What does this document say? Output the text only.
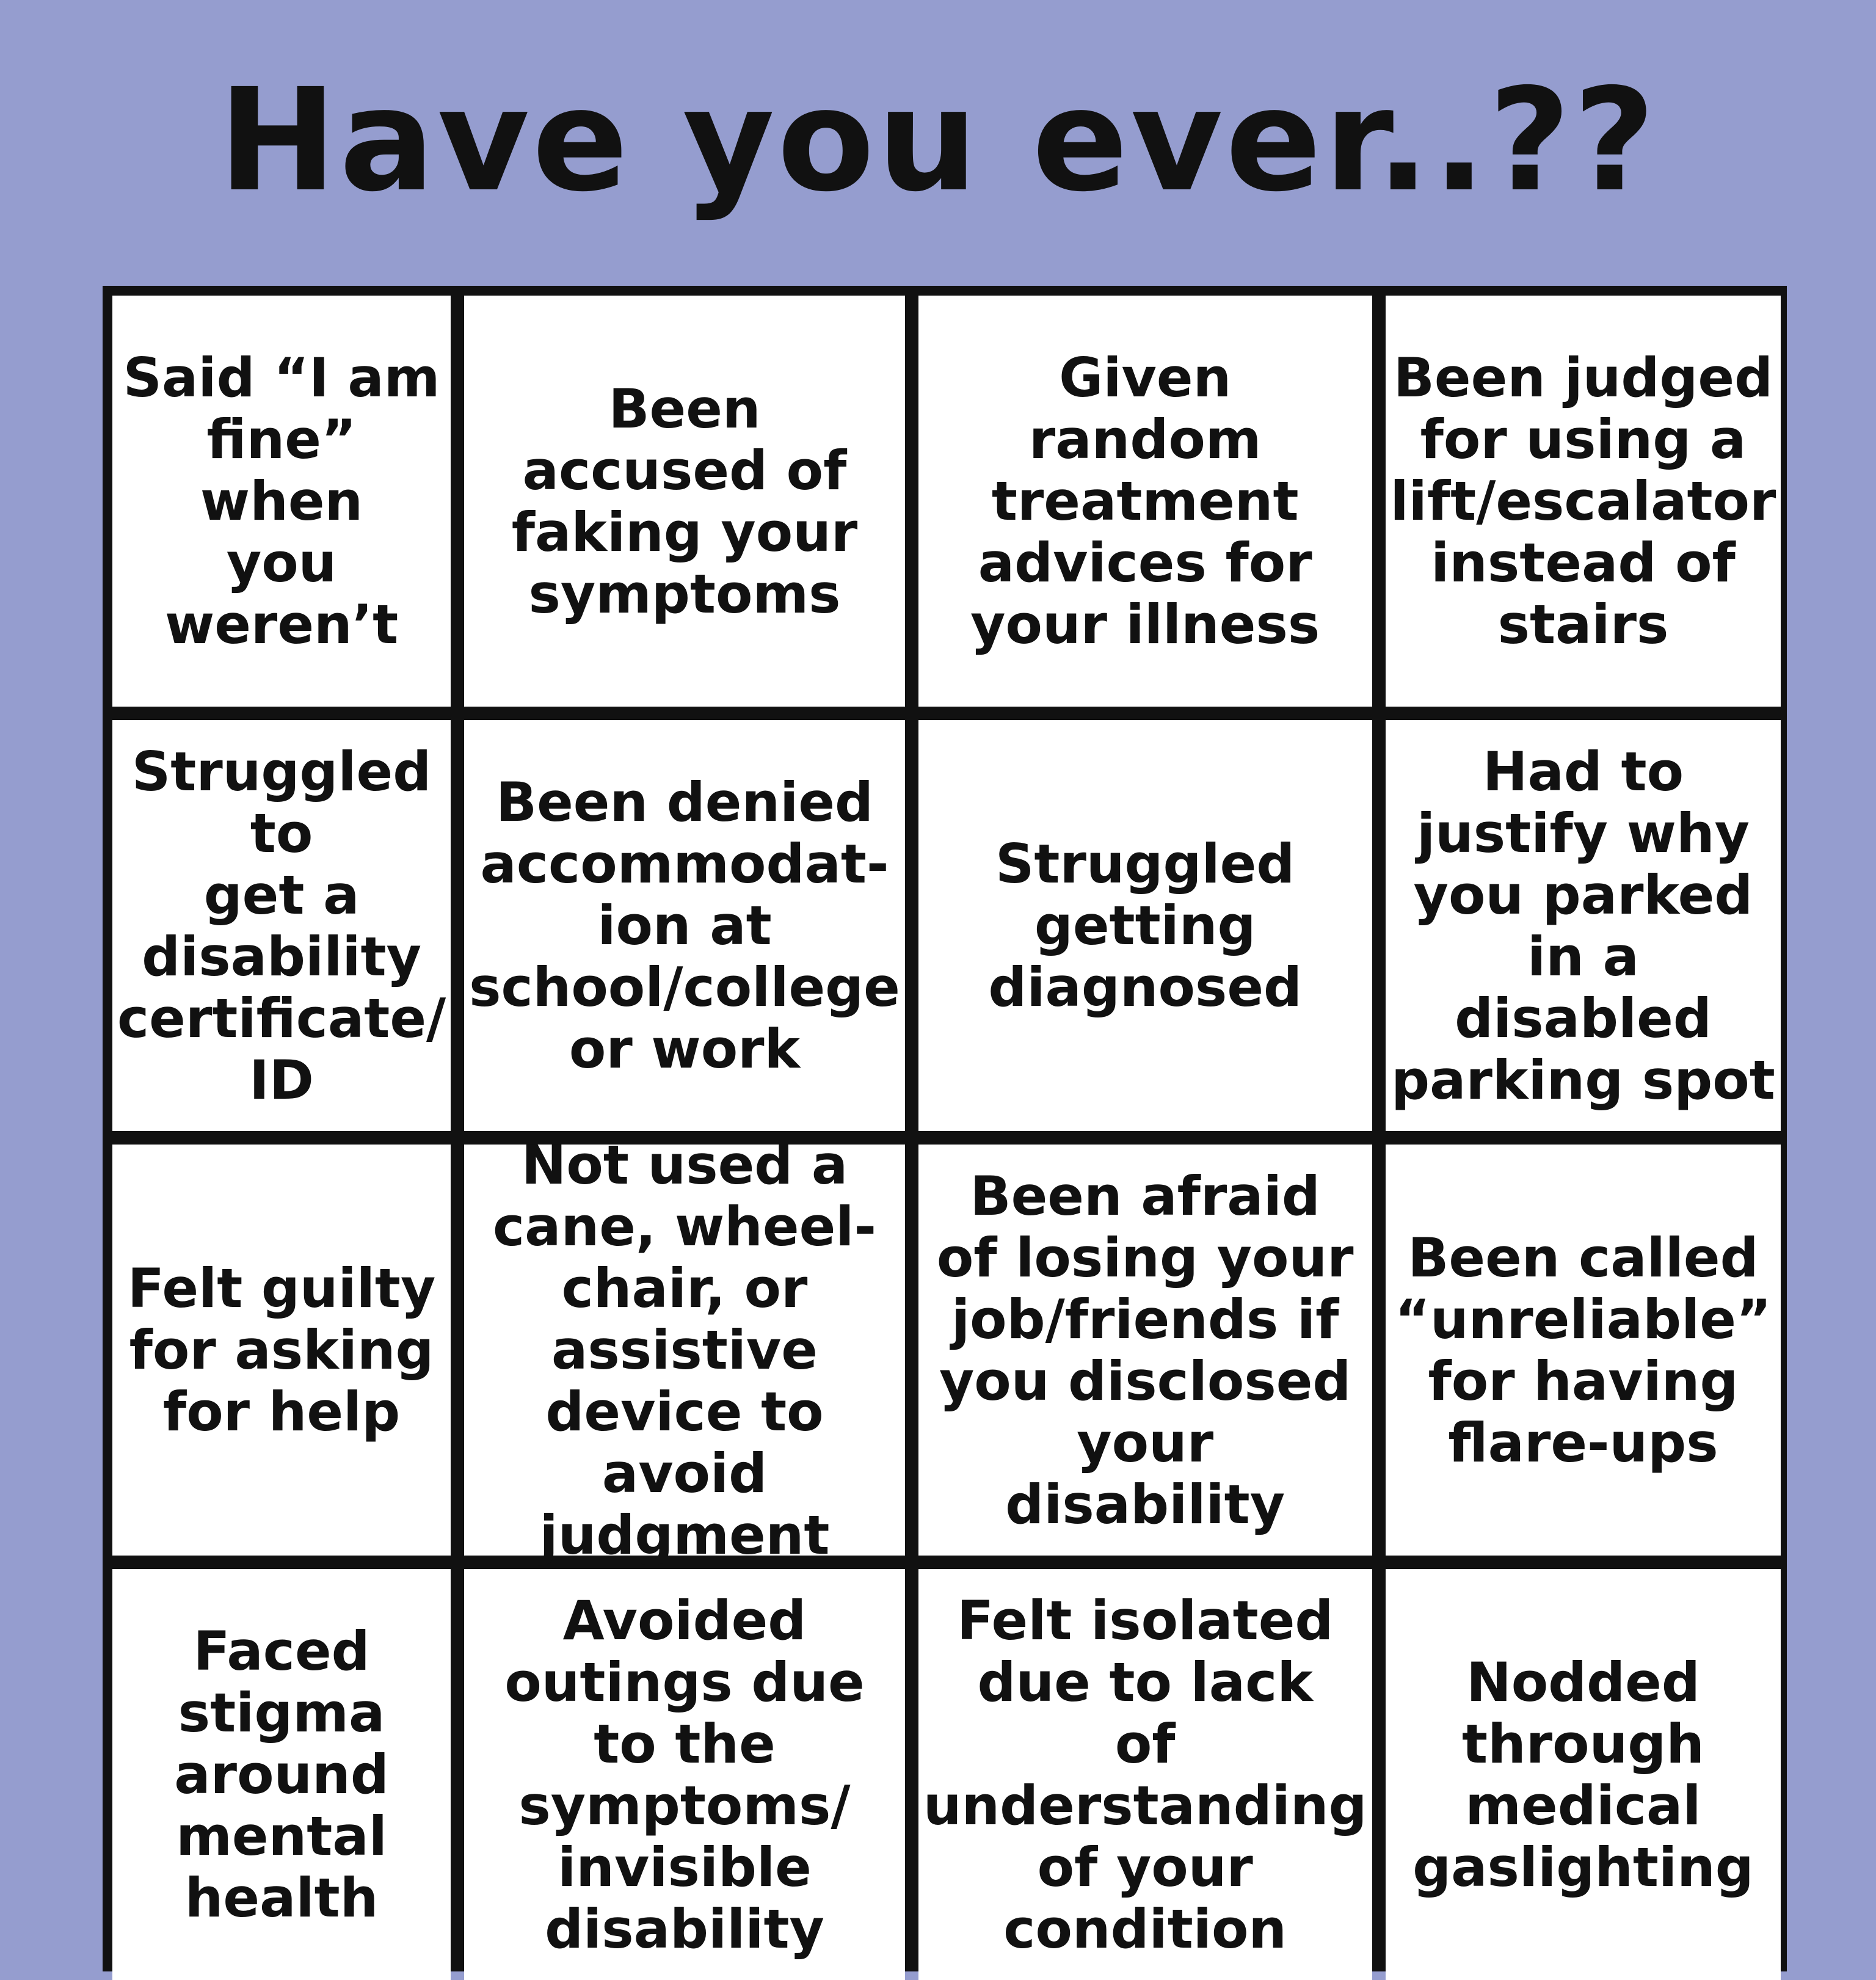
Have you ever..??
Said “I am
fine” when
you weren’t
Been
accused of
faking your
symptoms
Given
random
treatment
advices for
your illness
Been judged
for using a
lift/escalator
instead of
stairs
Struggled to
get a
disability
certificate/
ID
Been denied
accommodat-
ion at
school/college
or work
Struggled
getting
diagnosed
Had to
justify why
you parked
in a disabled
parking spot
Felt guilty
for asking
for help
Not used a
cane, wheel-
chair, or
assistive
device to avoid
judgment
Been afraid
of losing your
job/friends if
you disclosed
your
disability
Been called
“unreliable”
for having
flare-ups
Faced
stigma
around
mental
health
Avoided
outings due
to the
symptoms/
invisible
disability
Felt isolated
due to lack
of
understanding
of your
condition
Nodded
through
medical
gaslighting
